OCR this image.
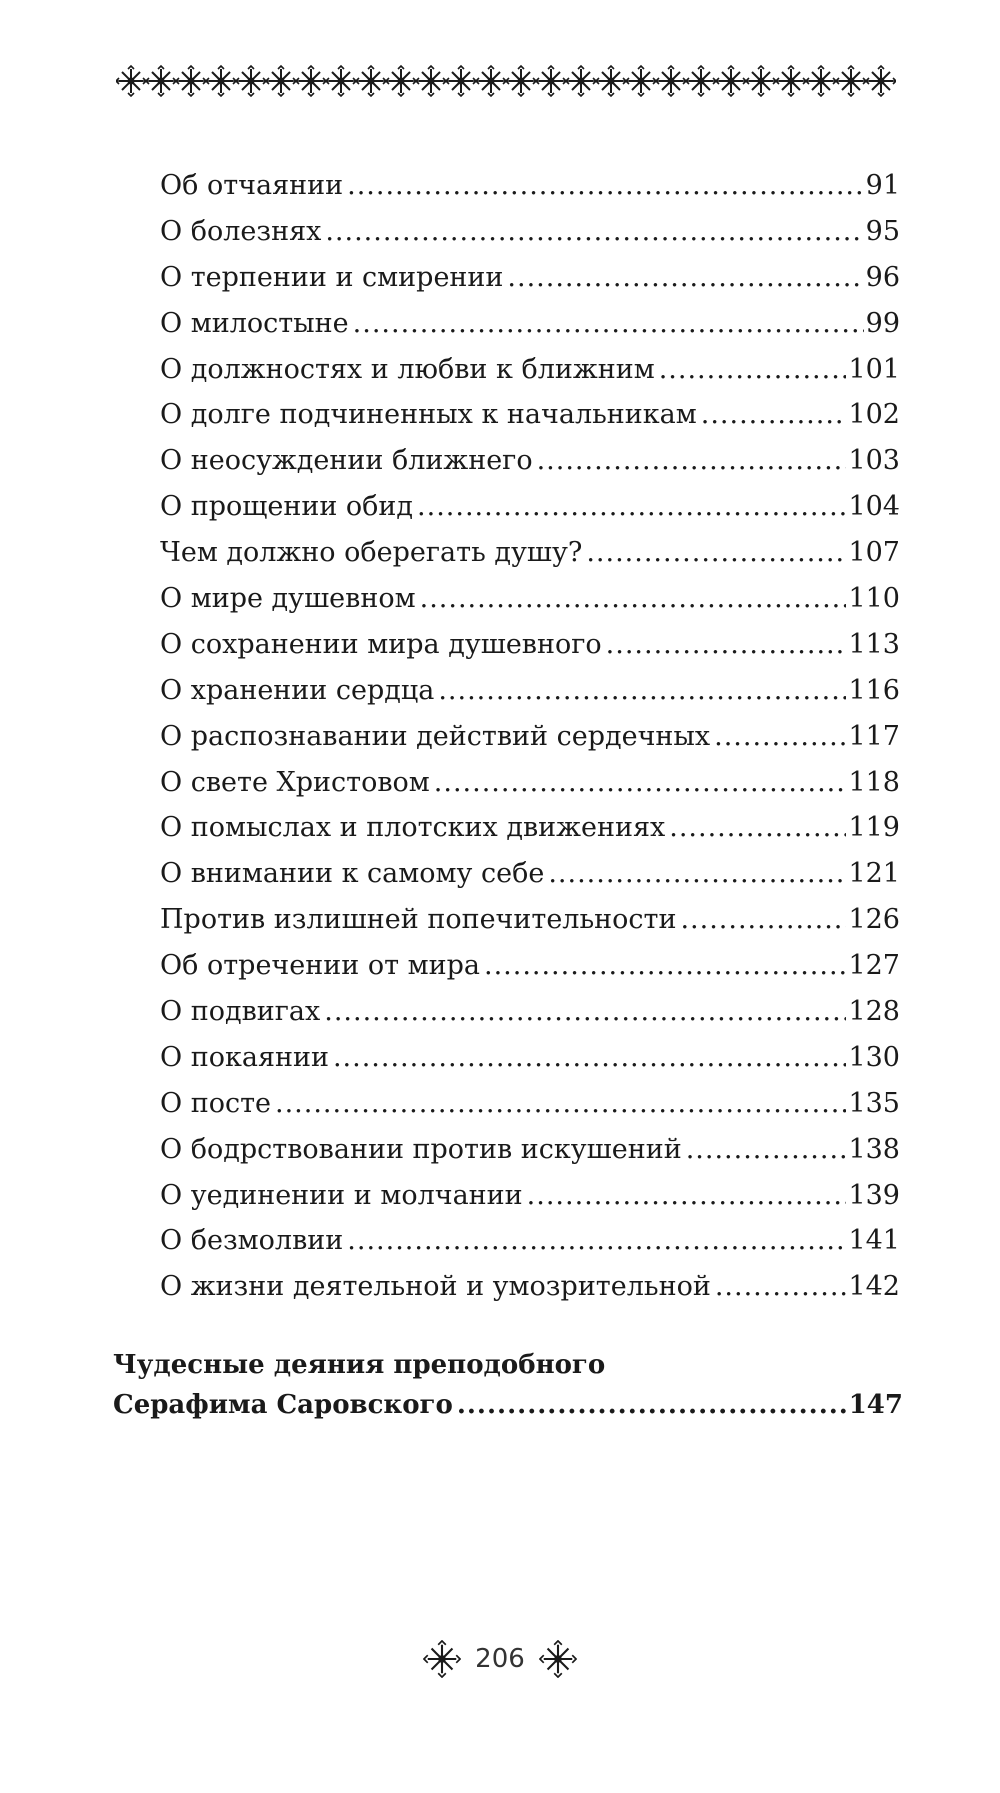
Об отчаянии .....	91
О болезнях .....	95
О терпении и смирении .....	96
О милостыне .....	99
О должностях и любви к ближним .....	101
О долге подчиненных к начальникам .....	102
О неосуждении ближнего .....	103
О прощении обид .....	104
Чем должно оберегать душу? .....	107
О мире душевном .....	110
О сохранении мира душевного .....	113
О хранении сердца .....	116
О распознавании действий сердечных .....	117
О свете Христовом .....	118
О помыслах и плотских движениях .....	119
О внимании к самому себе .....	121
Против излишней попечительности .....	126
Об отречении от мира .....	127
О подвигах .....	128
О покаянии .....	130
О посте .....	135
О бодрствовании против искушений .....	138
О уединении и молчании .....	139
О безмолвии .....	141
О жизни деятельной и умозрительной .....	142
Чудесные деяния преподобного
Серафима Саровского .....	147
206
